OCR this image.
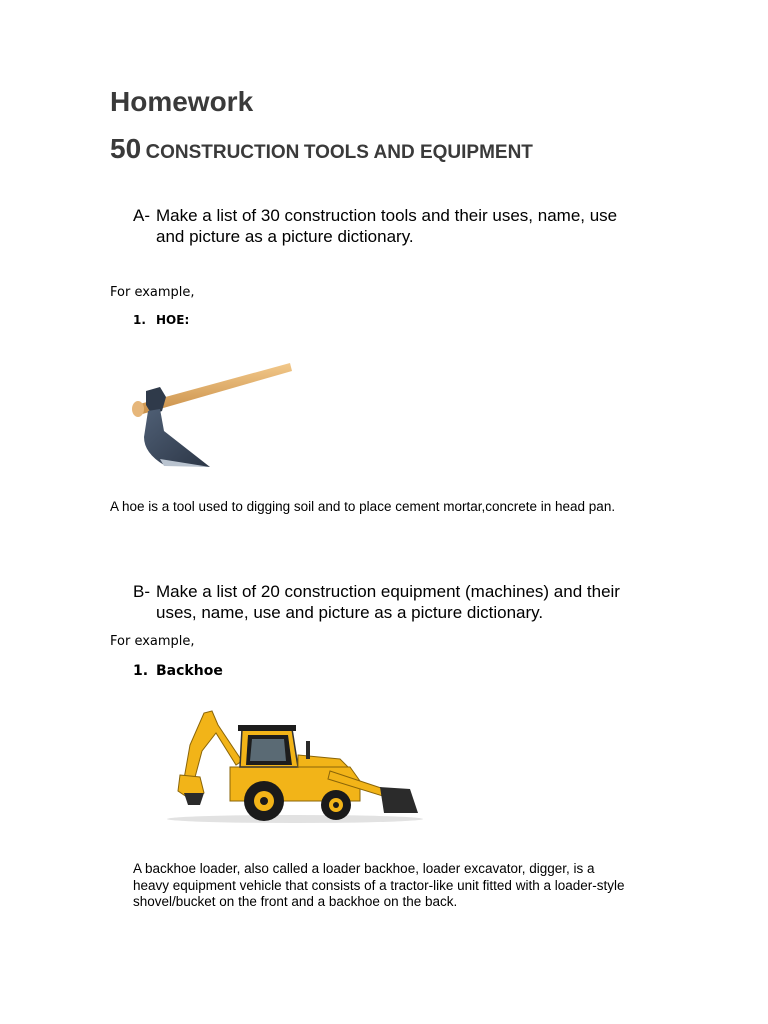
Homework
50 CONSTRUCTION TOOLS AND EQUIPMENT
A- Make a list of 30 construction tools and their uses, name, use
and picture as a picture dictionary.
For example,
1. HOE:
A hoe is a tool used to digging soil and to place cement mortar,concrete in head pan.
B- Make a list of 20 construction equipment (machines) and their
uses, name, use and picture as a picture dictionary.
For example,
1. Backhoe
A backhoe loader, also called a loader backhoe, loader excavator, digger, is a
heavy equipment vehicle that consists of a tractor-like unit fitted with a loader-style
shovel/bucket on the front and a backhoe on the back.
